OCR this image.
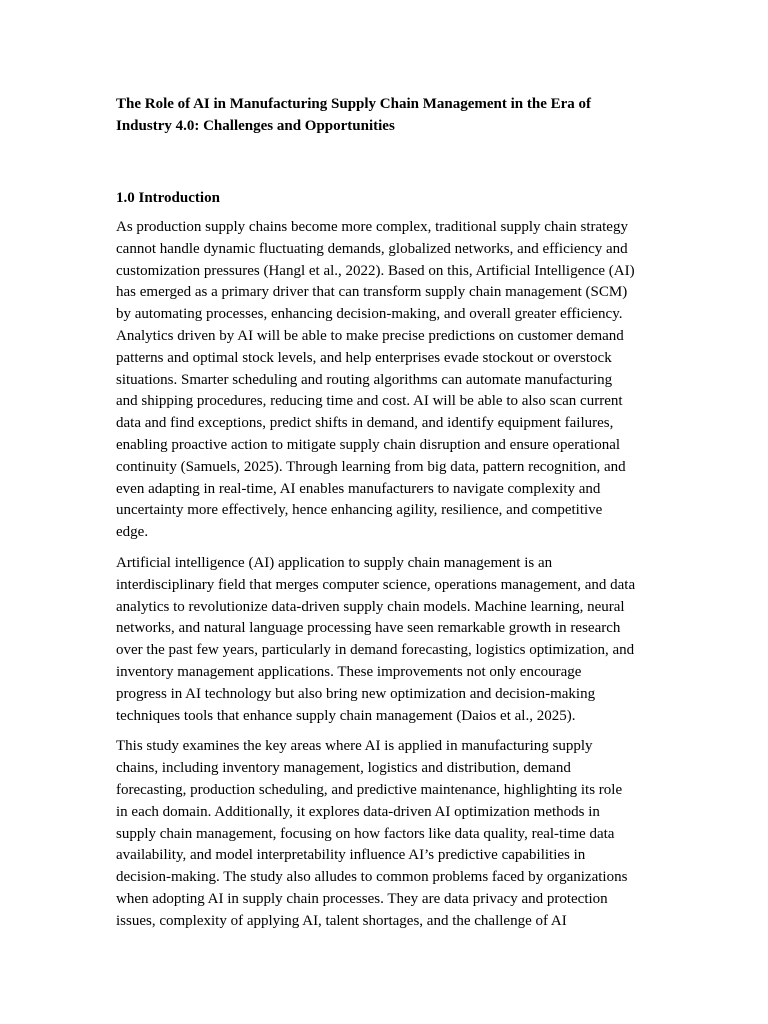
The Role of AI in Manufacturing Supply Chain Management in the Era of
Industry 4.0: Challenges and Opportunities
1.0 Introduction

As production supply chains become more complex, traditional supply chain strategy
cannot handle dynamic fluctuating demands, globalized networks, and efficiency and
customization pressures (Hangl et al., 2022). Based on this, Artificial Intelligence (AI)
has emerged as a primary driver that can transform supply chain management (SCM)
by automating processes, enhancing decision-making, and overall greater efficiency.
Analytics driven by AI will be able to make precise predictions on customer demand
patterns and optimal stock levels, and help enterprises evade stockout or overstock
situations. Smarter scheduling and routing algorithms can automate manufacturing
and shipping procedures, reducing time and cost. AI will be able to also scan current
data and find exceptions, predict shifts in demand, and identify equipment failures,
enabling proactive action to mitigate supply chain disruption and ensure operational
continuity (Samuels, 2025). Through learning from big data, pattern recognition, and
even adapting in real-time, AI enables manufacturers to navigate complexity and
uncertainty more effectively, hence enhancing agility, resilience, and competitive
edge.

Artificial intelligence (AI) application to supply chain management is an
interdisciplinary field that merges computer science, operations management, and data
analytics to revolutionize data-driven supply chain models. Machine learning, neural
networks, and natural language processing have seen remarkable growth in research
over the past few years, particularly in demand forecasting, logistics optimization, and
inventory management applications. These improvements not only encourage
progress in AI technology but also bring new optimization and decision-making
techniques tools that enhance supply chain management (Daios et al., 2025).

This study examines the key areas where AI is applied in manufacturing supply
chains, including inventory management, logistics and distribution, demand
forecasting, production scheduling, and predictive maintenance, highlighting its role
in each domain. Additionally, it explores data-driven AI optimization methods in
supply chain management, focusing on how factors like data quality, real-time data
availability, and model interpretability influence AI’s predictive capabilities in
decision-making. The study also alludes to common problems faced by organizations
when adopting AI in supply chain processes. They are data privacy and protection
issues, complexity of applying AI, talent shortages, and the challenge of AI
